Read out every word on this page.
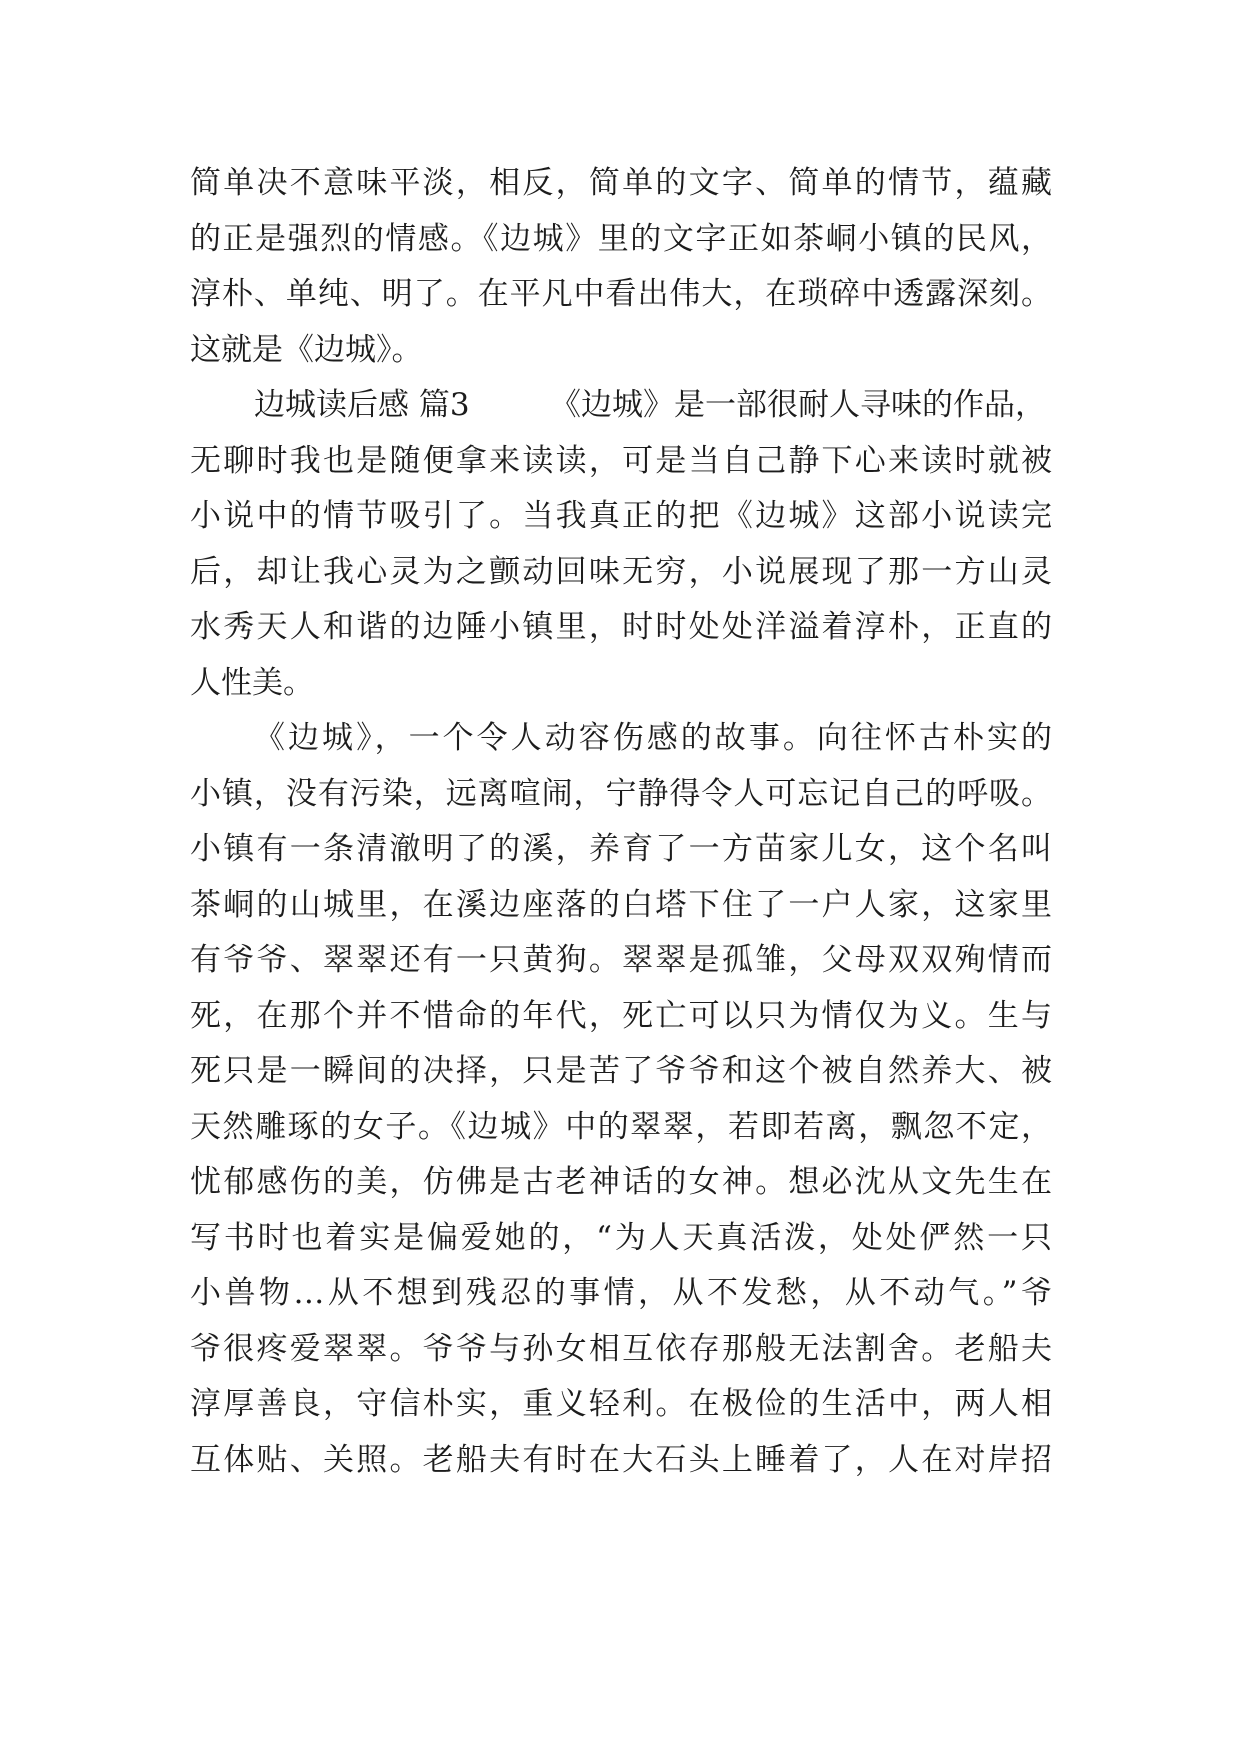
简单决不意味平淡，相反，简单的文字、简单的情节，蕴藏
的正是强烈的情感。《边城》里的文字正如茶峒小镇的民风，
淳朴、单纯、明了。在平凡中看出伟大，在琐碎中透露深刻。
这就是《边城》。
边城读后感 篇3	《边城》是一部很耐人寻味的作品，
无聊时我也是随便拿来读读，可是当自己静下心来读时就被
小说中的情节吸引了。当我真正的把《边城》这部小说读完
后，却让我心灵为之颤动回味无穷，小说展现了那一方山灵
水秀天人和谐的边陲小镇里，时时处处洋溢着淳朴，正直的
人性美。
《边城》，一个令人动容伤感的故事。向往怀古朴实的
小镇，没有污染，远离喧闹，宁静得令人可忘记自己的呼吸。
小镇有一条清澈明了的溪，养育了一方苗家儿女，这个名叫
茶峒的山城里，在溪边座落的白塔下住了一户人家，这家里
有爷爷、翠翠还有一只黄狗。翠翠是孤雏，父母双双殉情而
死，在那个并不惜命的年代，死亡可以只为情仅为义。生与
死只是一瞬间的决择，只是苦了爷爷和这个被自然养大、被
天然雕琢的女子。《边城》中的翠翠，若即若离，飘忽不定，
忧郁感伤的美，仿佛是古老神话的女神。想必沈从文先生在
写书时也着实是偏爱她的，“为人天真活泼，处处俨然一只
小兽物…从不想到残忍的事情，从不发愁，从不动气。”爷
爷很疼爱翠翠。爷爷与孙女相互依存那般无法割舍。老船夫
淳厚善良，守信朴实，重义轻利。在极俭的生活中，两人相
互体贴、关照。老船夫有时在大石头上睡着了，人在对岸招
